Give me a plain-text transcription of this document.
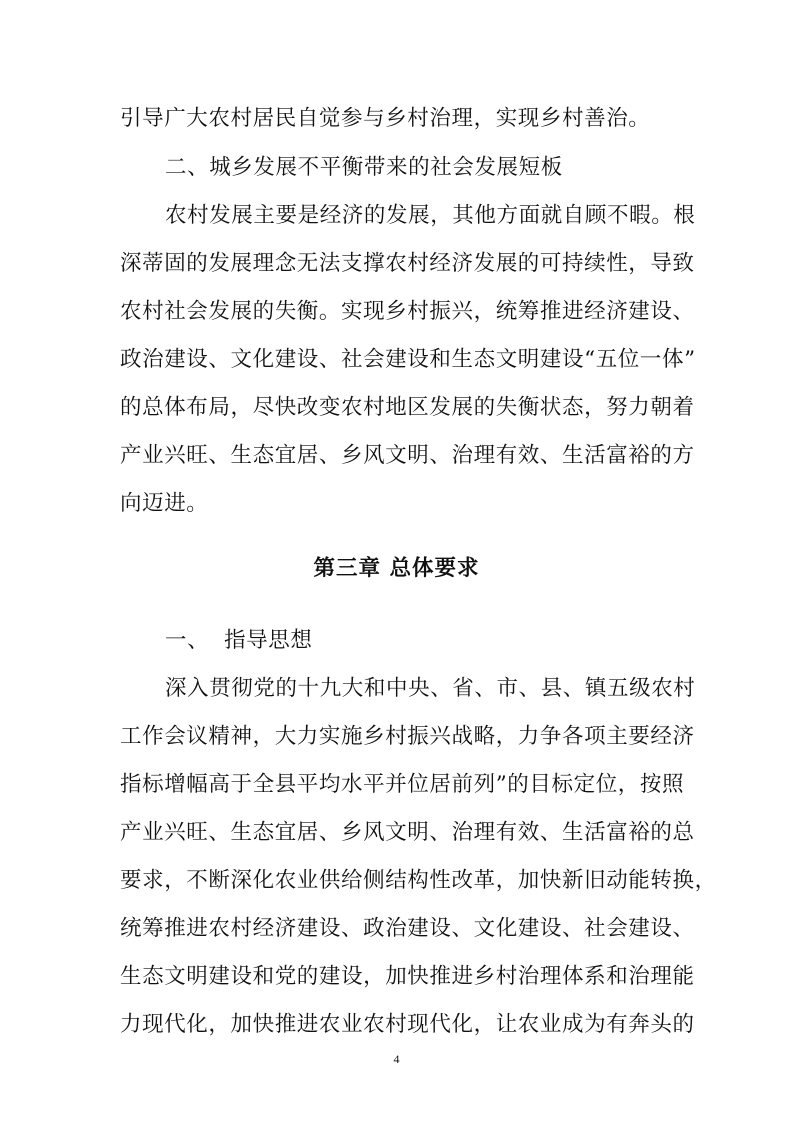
引导广大农村居民自觉参与乡村治理，实现乡村善治。
二、城乡发展不平衡带来的社会发展短板
农村发展主要是经济的发展，其他方面就自顾不暇。根
深蒂固的发展理念无法支撑农村经济发展的可持续性，导致
农村社会发展的失衡。实现乡村振兴，统筹推进经济建设、
政治建设、文化建设、社会建设和生态文明建设“五位一体”
的总体布局，尽快改变农村地区发展的失衡状态，努力朝着
产业兴旺、生态宜居、乡风文明、治理有效、生活富裕的方
向迈进。
第三章 总体要求
一、  指导思想
深入贯彻党的十九大和中央、省、市、县、镇五级农村
工作会议精神，大力实施乡村振兴战略，力争各项主要经济
指标增幅高于全县平均水平并位居前列”的目标定位，按照
产业兴旺、生态宜居、乡风文明、治理有效、生活富裕的总
要求，不断深化农业供给侧结构性改革，加快新旧动能转换，
统筹推进农村经济建设、政治建设、文化建设、社会建设、
生态文明建设和党的建设，加快推进乡村治理体系和治理能
力现代化，加快推进农业农村现代化，让农业成为有奔头的
4
